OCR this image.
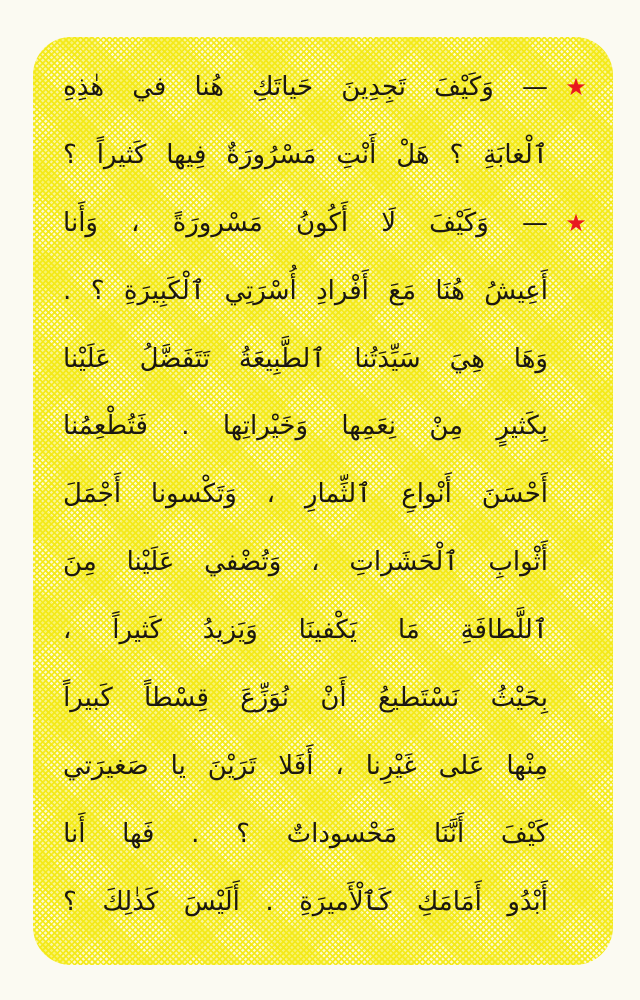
★
—
وَكَيْفَ
تَجِدِينَ
حَياتَكِ
هُنا
في
هٰذِهِ
ٱلْغابَةِ
؟
هَلْ
أَنْتِ
مَسْرُورَةٌ
فِيها
كَثيراً
؟
★
—
وَكَيْفَ
لَا
أَكُونُ
مَسْرورَةً
،
وَأَنا
أَعِيشُ
هُنَا
مَعَ
أَفْرادِ
أُسْرَتِي
ٱلْكَبِيرَةِ
؟
.
وَهَا
هِيَ
سَيِّدَتُنا
ٱلطَّبِيعَةُ
تَتَفَضَّلُ
عَلَيْنا
بِكَثيرٍ
مِنْ
نِعَمِها
وَخَيْراتِها
.
فَتُطْعِمُنا
أَحْسَنَ
أَنْواعِ
ٱلثِّمارِ
،
وَتَكْسونا
أَجْمَلَ
أَثْوابِ
ٱلْحَشَراتِ
،
وَتُضْفي
عَلَيْنا
مِنَ
ٱللَّطافَةِ
مَا
يَكْفينَا
وَيَزيدُ
كَثيراً
،
بِحَيْثُ
نَسْتَطيعُ
أَنْ
نُوَزِّعَ
قِسْطاً
كَبيراً
مِنْها
عَلى
غَيْرِنا
،
أَفَلا
تَرَيْنَ
يا
صَغيرَتي
كَيْفَ
أَنَّنَا
مَحْسوداتٌ
؟
.
فَها
أَنا
أَبْدُو
أَمَامَكِ
كَٱلْأَميرَةِ
.
أَلَيْسَ
كَذٰلِكَ
؟
